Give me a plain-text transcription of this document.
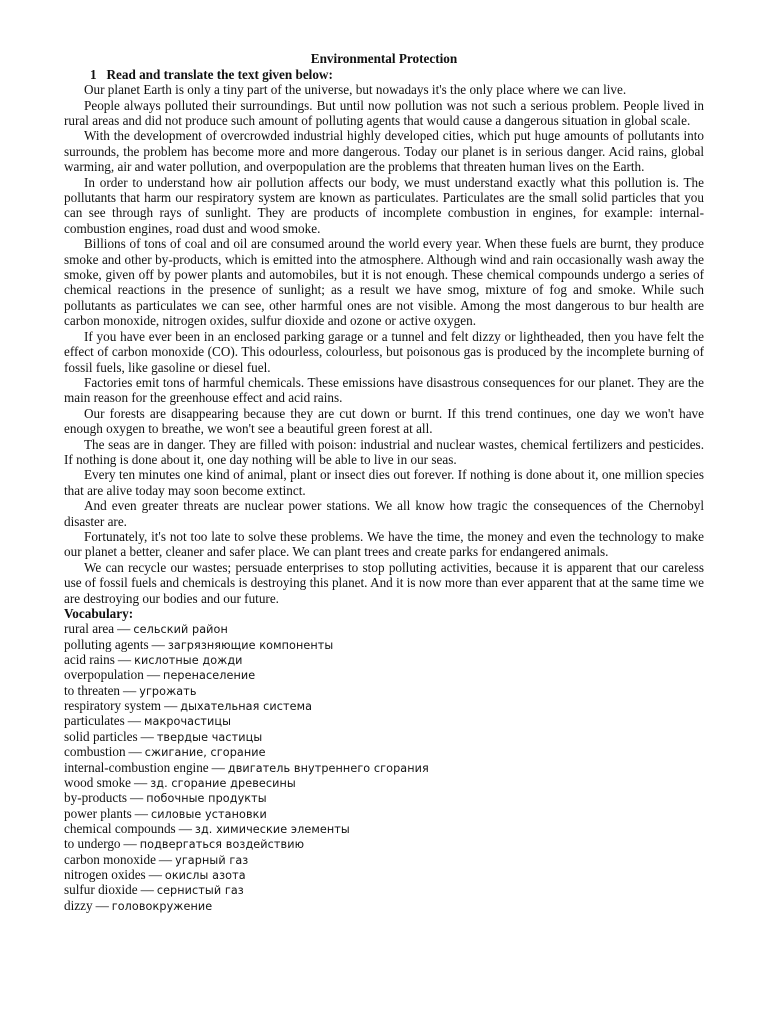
Environmental Protection

1 Read and translate the text given below:

Our planet Earth is only a tiny part of the universe, but nowadays it's the only place where we can live.

People always polluted their surroundings. But until now pollution was not such a serious problem. People lived in rural areas and did not produce such amount of polluting agents that would cause a dangerous situation in global scale.

With the development of overcrowded industrial highly developed cities, which put huge amounts of pollutants into surrounds, the problem has become more and more dangerous. Today our planet is in serious danger. Acid rains, global warming, air and water pollution, and overpopulation are the problems that threaten human lives on the Earth.

In order to understand how air pollution affects our body, we must understand exactly what this pollution is. The pollutants that harm our respiratory system are known as particulates. Particulates are the small solid particles that you can see through rays of sunlight. They are products of incomplete combustion in engines, for example: internal-combustion engines, road dust and wood smoke.

Billions of tons of coal and oil are consumed around the world every year. When these fuels are burnt, they produce smoke and other by-products, which is emitted into the atmosphere. Although wind and rain occasionally wash away the smoke, given off by power plants and automobiles, but it is not enough. These chemical compounds undergo a series of chemical reactions in the presence of sunlight; as a result we have smog, mixture of fog and smoke. While such pollutants as particulates we can see, other harmful ones are not visible. Among the most dangerous to bur health are carbon monoxide, nitrogen oxides, sulfur dioxide and ozone or active oxygen.

If you have ever been in an enclosed parking garage or a tunnel and felt dizzy or lightheaded, then you have felt the effect of carbon monoxide (CO). This odourless, colourless, but poisonous gas is produced by the incomplete burning of fossil fuels, like gasoline or diesel fuel.

Factories emit tons of harmful chemicals. These emissions have disastrous consequences for our planet. They are the main reason for the greenhouse effect and acid rains.

Our forests are disappearing because they are cut down or burnt. If this trend continues, one day we won't have enough oxygen to breathe, we won't see a beautiful green forest at all.

The seas are in danger. They are filled with poison: industrial and nuclear wastes, chemical fertilizers and pesticides. If nothing is done about it, one day nothing will be able to live in our seas.

Every ten minutes one kind of animal, plant or insect dies out forever. If nothing is done about it, one million species that are alive today may soon become extinct.

And even greater threats are nuclear power stations. We all know how tragic the consequences of the Chernobyl disaster are.

Fortunately, it's not too late to solve these problems. We have the time, the money and even the technology to make our planet a better, cleaner and safer place. We can plant trees and create parks for endangered animals.

We can recycle our wastes; persuade enterprises to stop polluting activities, because it is apparent that our careless use of fossil fuels and chemicals is destroying this planet. And it is now more than ever apparent that at the same time we are destroying our bodies and our future.

Vocabulary:

rural area — сельский район
polluting agents — загрязняющие компоненты
acid rains — кислотные дожди
overpopulation — перенаселение
to threaten — угрожать
respiratory system — дыхательная система
particulates — макрочастицы
solid particles — твердые частицы
combustion — сжигание, сгорание
internal-combustion engine — двигатель внутреннего сгорания
wood smoke — зд. сгорание древесины
by-products — побочные продукты
power plants — силовые установки
chemical compounds — зд. химические элементы
to undergo — подвергаться воздействию
carbon monoxide — угарный газ
nitrogen oxides — окислы азота
sulfur dioxide — сернистый газ
dizzy — головокружение
